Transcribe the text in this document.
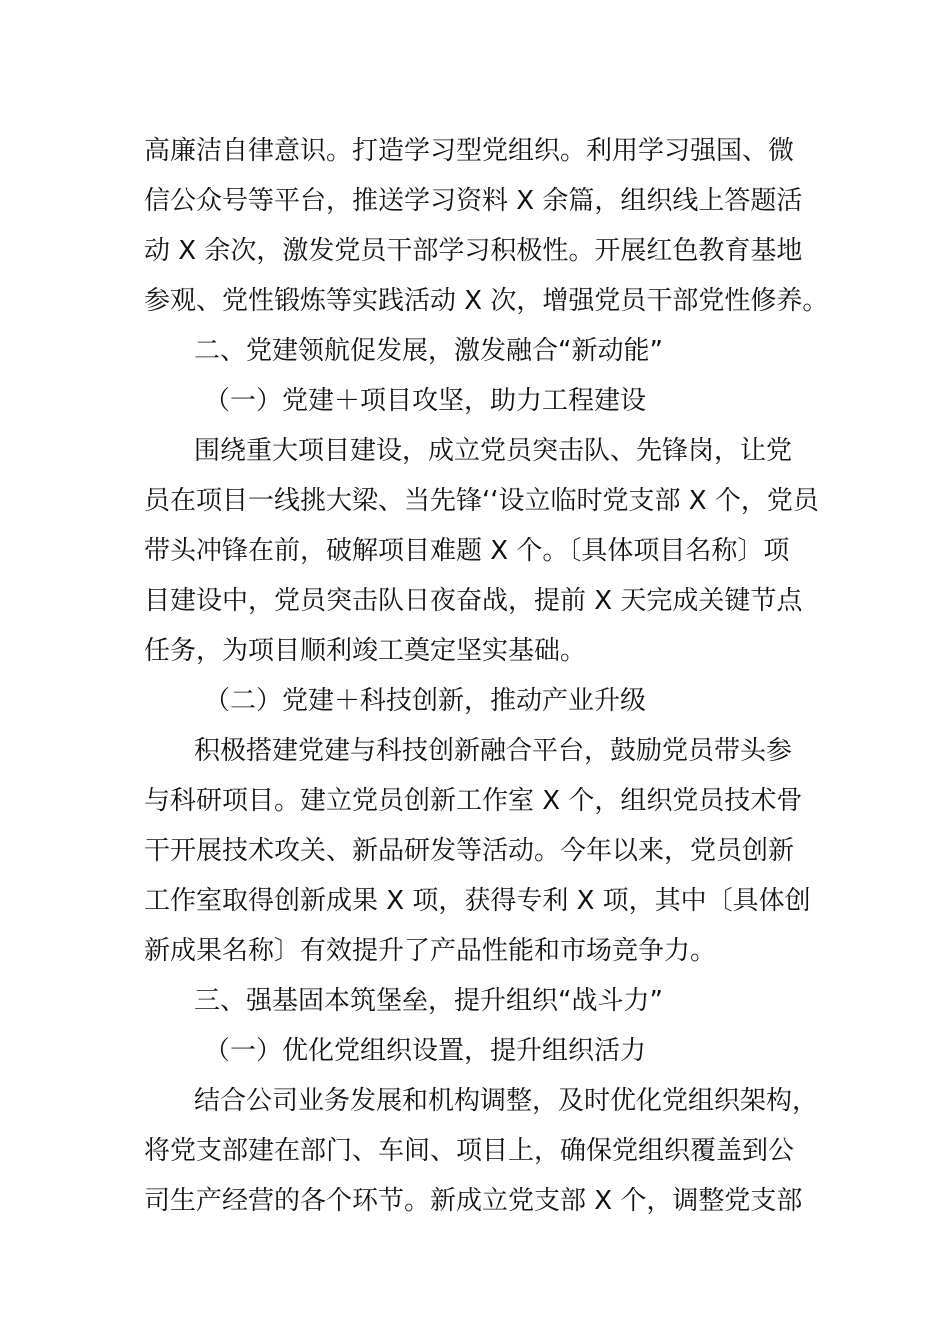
高廉洁自律意识。打造学习型党组织。利用学习强国、微
信公众号等平台，推送学习资料 X 余篇，组织线上答题活
动 X 余次，激发党员干部学习积极性。开展红色教育基地
参观、党性锻炼等实践活动 X 次，增强党员干部党性修养。
二、党建领航促发展，激发融合“新动能”
（一）党建＋项目攻坚，助力工程建设
围绕重大项目建设，成立党员突击队、先锋岗，让党
员在项目一线挑大梁、当先锋‘‘设立临时党支部 X 个，党员
带头冲锋在前，破解项目难题 X 个。〔具体项目名称〕项
目建设中，党员突击队日夜奋战，提前 X 天完成关键节点
任务，为项目顺利竣工奠定坚实基础。
（二）党建＋科技创新，推动产业升级
积极搭建党建与科技创新融合平台，鼓励党员带头参
与科研项目。建立党员创新工作室 X 个，组织党员技术骨
干开展技术攻关、新品研发等活动。今年以来，党员创新
工作室取得创新成果 X 项，获得专利 X 项，其中〔具体创
新成果名称〕有效提升了产品性能和市场竞争力。
三、强基固本筑堡垒，提升组织“战斗力”
（一）优化党组织设置，提升组织活力
结合公司业务发展和机构调整，及时优化党组织架构，
将党支部建在部门、车间、项目上，确保党组织覆盖到公
司生产经营的各个环节。新成立党支部 X 个，调整党支部
